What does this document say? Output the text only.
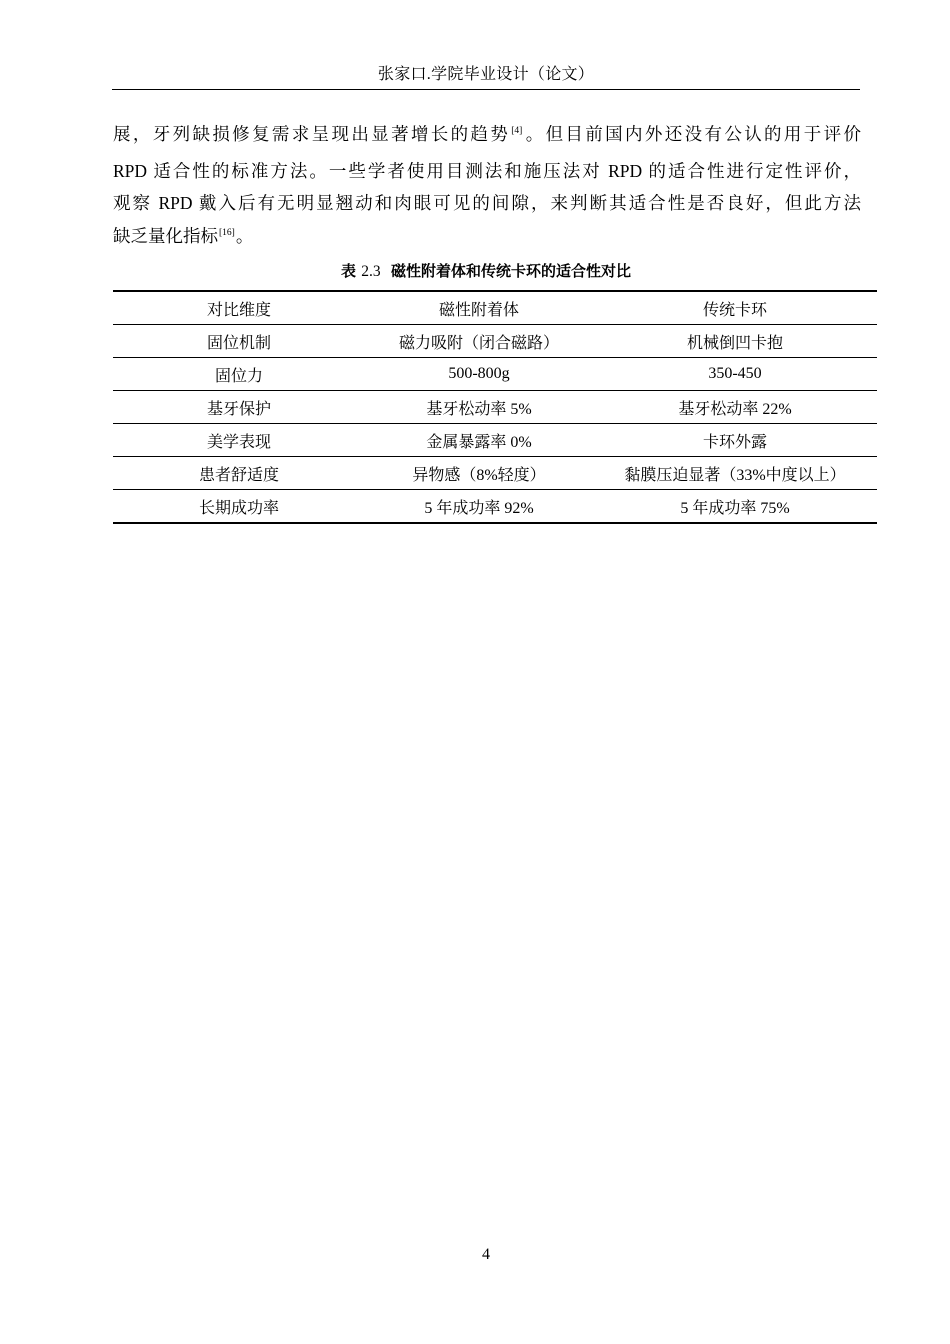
张家口.学院毕业设计（论文）
展，牙列缺损修复需求呈现出显著增长的趋势[4]。但目前国内外还没有公认的用于评价
RPD 适合性的标准方法。一些学者使用目测法和施压法对 RPD 的适合性进行定性评价，
观察 RPD 戴入后有无明显翘动和肉眼可见的间隙，来判断其适合性是否良好，但此方法
缺乏量化指标[16]。
表 2.3 磁性附着体和传统卡环的适合性对比
对比维度	磁性附着体	传统卡环
固位机制	磁力吸附（闭合磁路）	机械倒凹卡抱
固位力	500-800g	350-450
基牙保护	基牙松动率 5%	基牙松动率 22%
美学表现	金属暴露率 0%	卡环外露
患者舒适度	异物感（8%轻度）	黏膜压迫显著（33%中度以上）
长期成功率	5 年成功率 92%	5 年成功率 75%
4
